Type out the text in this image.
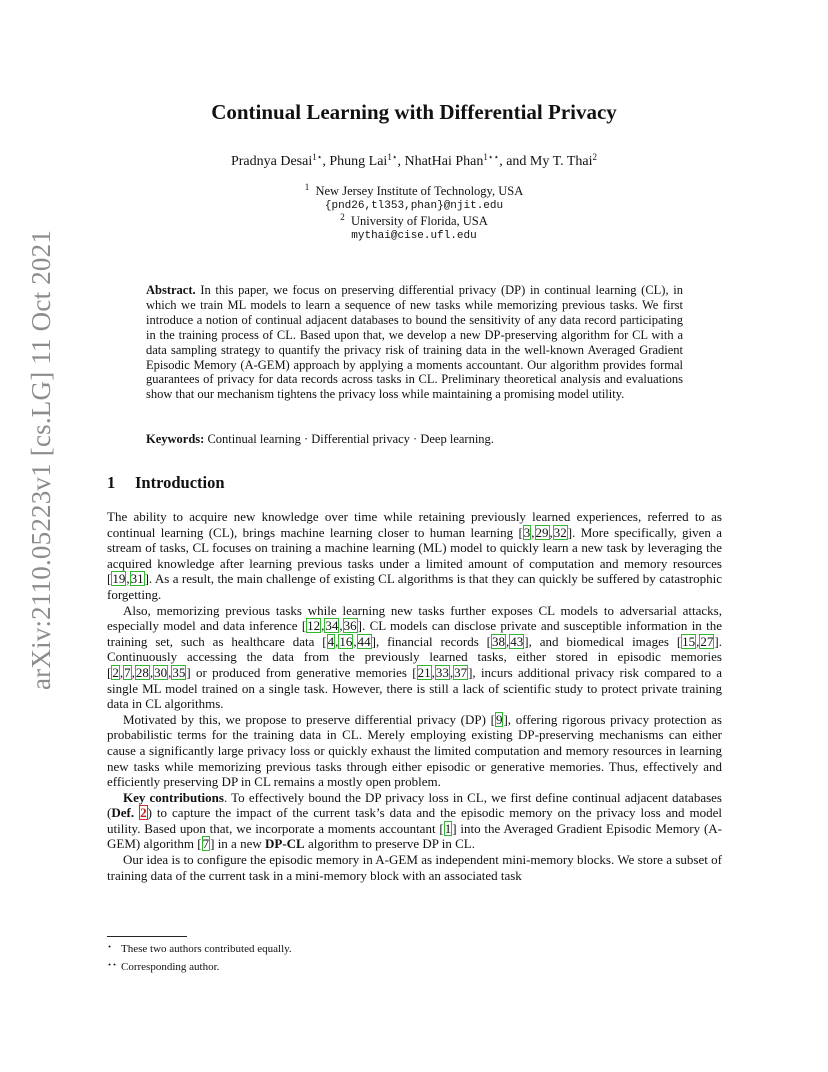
arXiv:2110.05223v1 [cs.LG] 11 Oct 2021
Continual Learning with Differential Privacy
Pradnya Desai$^{1⋆}$, Phung Lai$^{1⋆}$, NhatHai Phan$^{1⋆⋆}$, and My T. Thai$^2$
$^1$ New Jersey Institute of Technology, USA
{pnd26,tl353,phan}@njit.edu
$^2$ University of Florida, USA
mythai@cise.ufl.edu
Abstract. In this paper, we focus on preserving differential privacy (DP) in continual learning (CL), in which we train ML models to learn a sequence of new tasks while memorizing previous tasks. We first introduce a notion of continual adjacent databases to bound the sensitivity of any data record participating in the training process of CL. Based upon that, we develop a new DP-preserving algorithm for CL with a data sampling strategy to quantify the privacy risk of training data in the well-known Averaged Gradient Episodic Memory (A-GEM) approach by applying a moments accountant. Our algorithm provides formal guarantees of privacy for data records across tasks in CL. Preliminary theoretical analysis and evaluations show that our mechanism tightens the privacy loss while maintaining a promising model utility.
Keywords: Continual learning · Differential privacy · Deep learning.
1 Introduction

The ability to acquire new knowledge over time while retaining previously learned experiences, referred to as continual learning (CL), brings machine learning closer to human learning [3,29,32]. More specifically, given a stream of tasks, CL focuses on training a machine learning (ML) model to quickly learn a new task by leveraging the acquired knowledge after learning previous tasks under a limited amount of computation and memory resources [19,31]. As a result, the main challenge of existing CL algorithms is that they can quickly be suffered by catastrophic forgetting.

Also, memorizing previous tasks while learning new tasks further exposes CL models to adversarial attacks, especially model and data inference [12,34,36]. CL models can disclose private and susceptible information in the training set, such as healthcare data [4,16,44], financial records [38,43], and biomedical images [15,27]. Continuously accessing the data from the previously learned tasks, either stored in episodic memories [2,7,28,30,35] or produced from generative memories [21,33,37], incurs additional privacy risk compared to a single ML model trained on a single task. However, there is still a lack of scientific study to protect private training data in CL algorithms.

Motivated by this, we propose to preserve differential privacy (DP) [9], offering rigorous privacy protection as probabilistic terms for the training data in CL. Merely employing existing DP-preserving mechanisms can either cause a significantly large privacy loss or quickly exhaust the limited computation and memory resources in learning new tasks while memorizing previous tasks through either episodic or generative memories. Thus, effectively and efficiently preserving DP in CL remains a mostly open problem.

Key contributions. To effectively bound the DP privacy loss in CL, we first define continual adjacent databases (Def. 2) to capture the impact of the current task’s data and the episodic memory on the privacy loss and model utility. Based upon that, we incorporate a moments accountant [1] into the Averaged Gradient Episodic Memory (A-GEM) algorithm [7] in a new DP-CL algorithm to preserve DP in CL.

Our idea is to configure the episodic memory in A-GEM as independent mini-memory blocks. We store a subset of training data of the current task in a mini-memory block with an associated task

⋆ These two authors contributed equally.
⋆⋆ Corresponding author.
